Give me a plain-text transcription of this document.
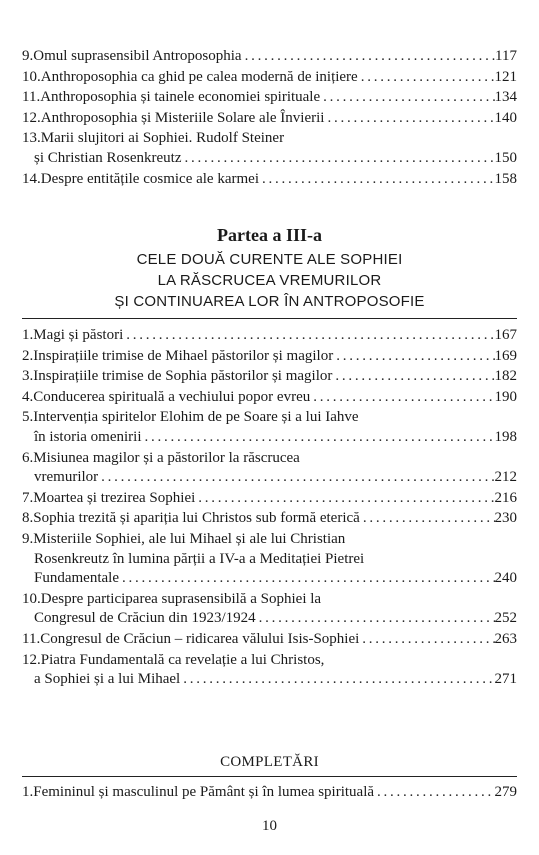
9. Omul suprasensibil Antroposophia . . .	117
10. Anthroposophia ca ghid pe calea modernă de inițiere . . .	121
11. Anthroposophia și tainele economiei spirituale . . .	134
12. Anthroposophia și Misteriile Solare ale Învierii . . .	140
13.Marii slujitori ai Sophiei. Rudolf Steiner
și Christian Rosenkreutz . . .	150
14. Despre entitățile cosmice ale karmei . . .	158
Partea a III-a
CELE DOUĂ CURENTE ALE SOPHIEI
LA RĂSCRUCEA VREMURILOR
ȘI CONTINUAREA LOR ÎN ANTROPOSOFIE
1. Magi și păstori . . .	167
2. Inspirațiile trimise de Mihael păstorilor și magilor . . .	169
3. Inspirațiile trimise de Sophia păstorilor și magilor . . .	182
4. Conducerea spirituală a vechiului popor evreu . . .	190
5.Intervenția spiritelor Elohim de pe Soare și a lui Iahve
în istoria omenirii . . .	198
6.Misiunea magilor și a păstorilor la răscrucea
vremurilor . . .	212
7. Moartea și trezirea Sophiei . . .	216
8. Sophia trezită și apariția lui Christos sub formă eterică . . .	230
9.Misteriile Sophiei, ale lui Mihael și ale lui Christian
Rosenkreutz în lumina părții a IV-a a Meditației Pietrei
Fundamentale . . .	240
10.Despre participarea suprasensibilă a Sophiei la
Congresul de Crăciun din 1923/1924 . . .	252
11. Congresul de Crăciun – ridicarea vălului Isis-Sophiei . . .	263
12.Piatra Fundamentală ca revelație a lui Christos,
a Sophiei și a lui Mihael . . .	271
COMPLETĂRI
1. Femininul și masculinul pe Pământ și în lumea spirituală . . .	279
10
